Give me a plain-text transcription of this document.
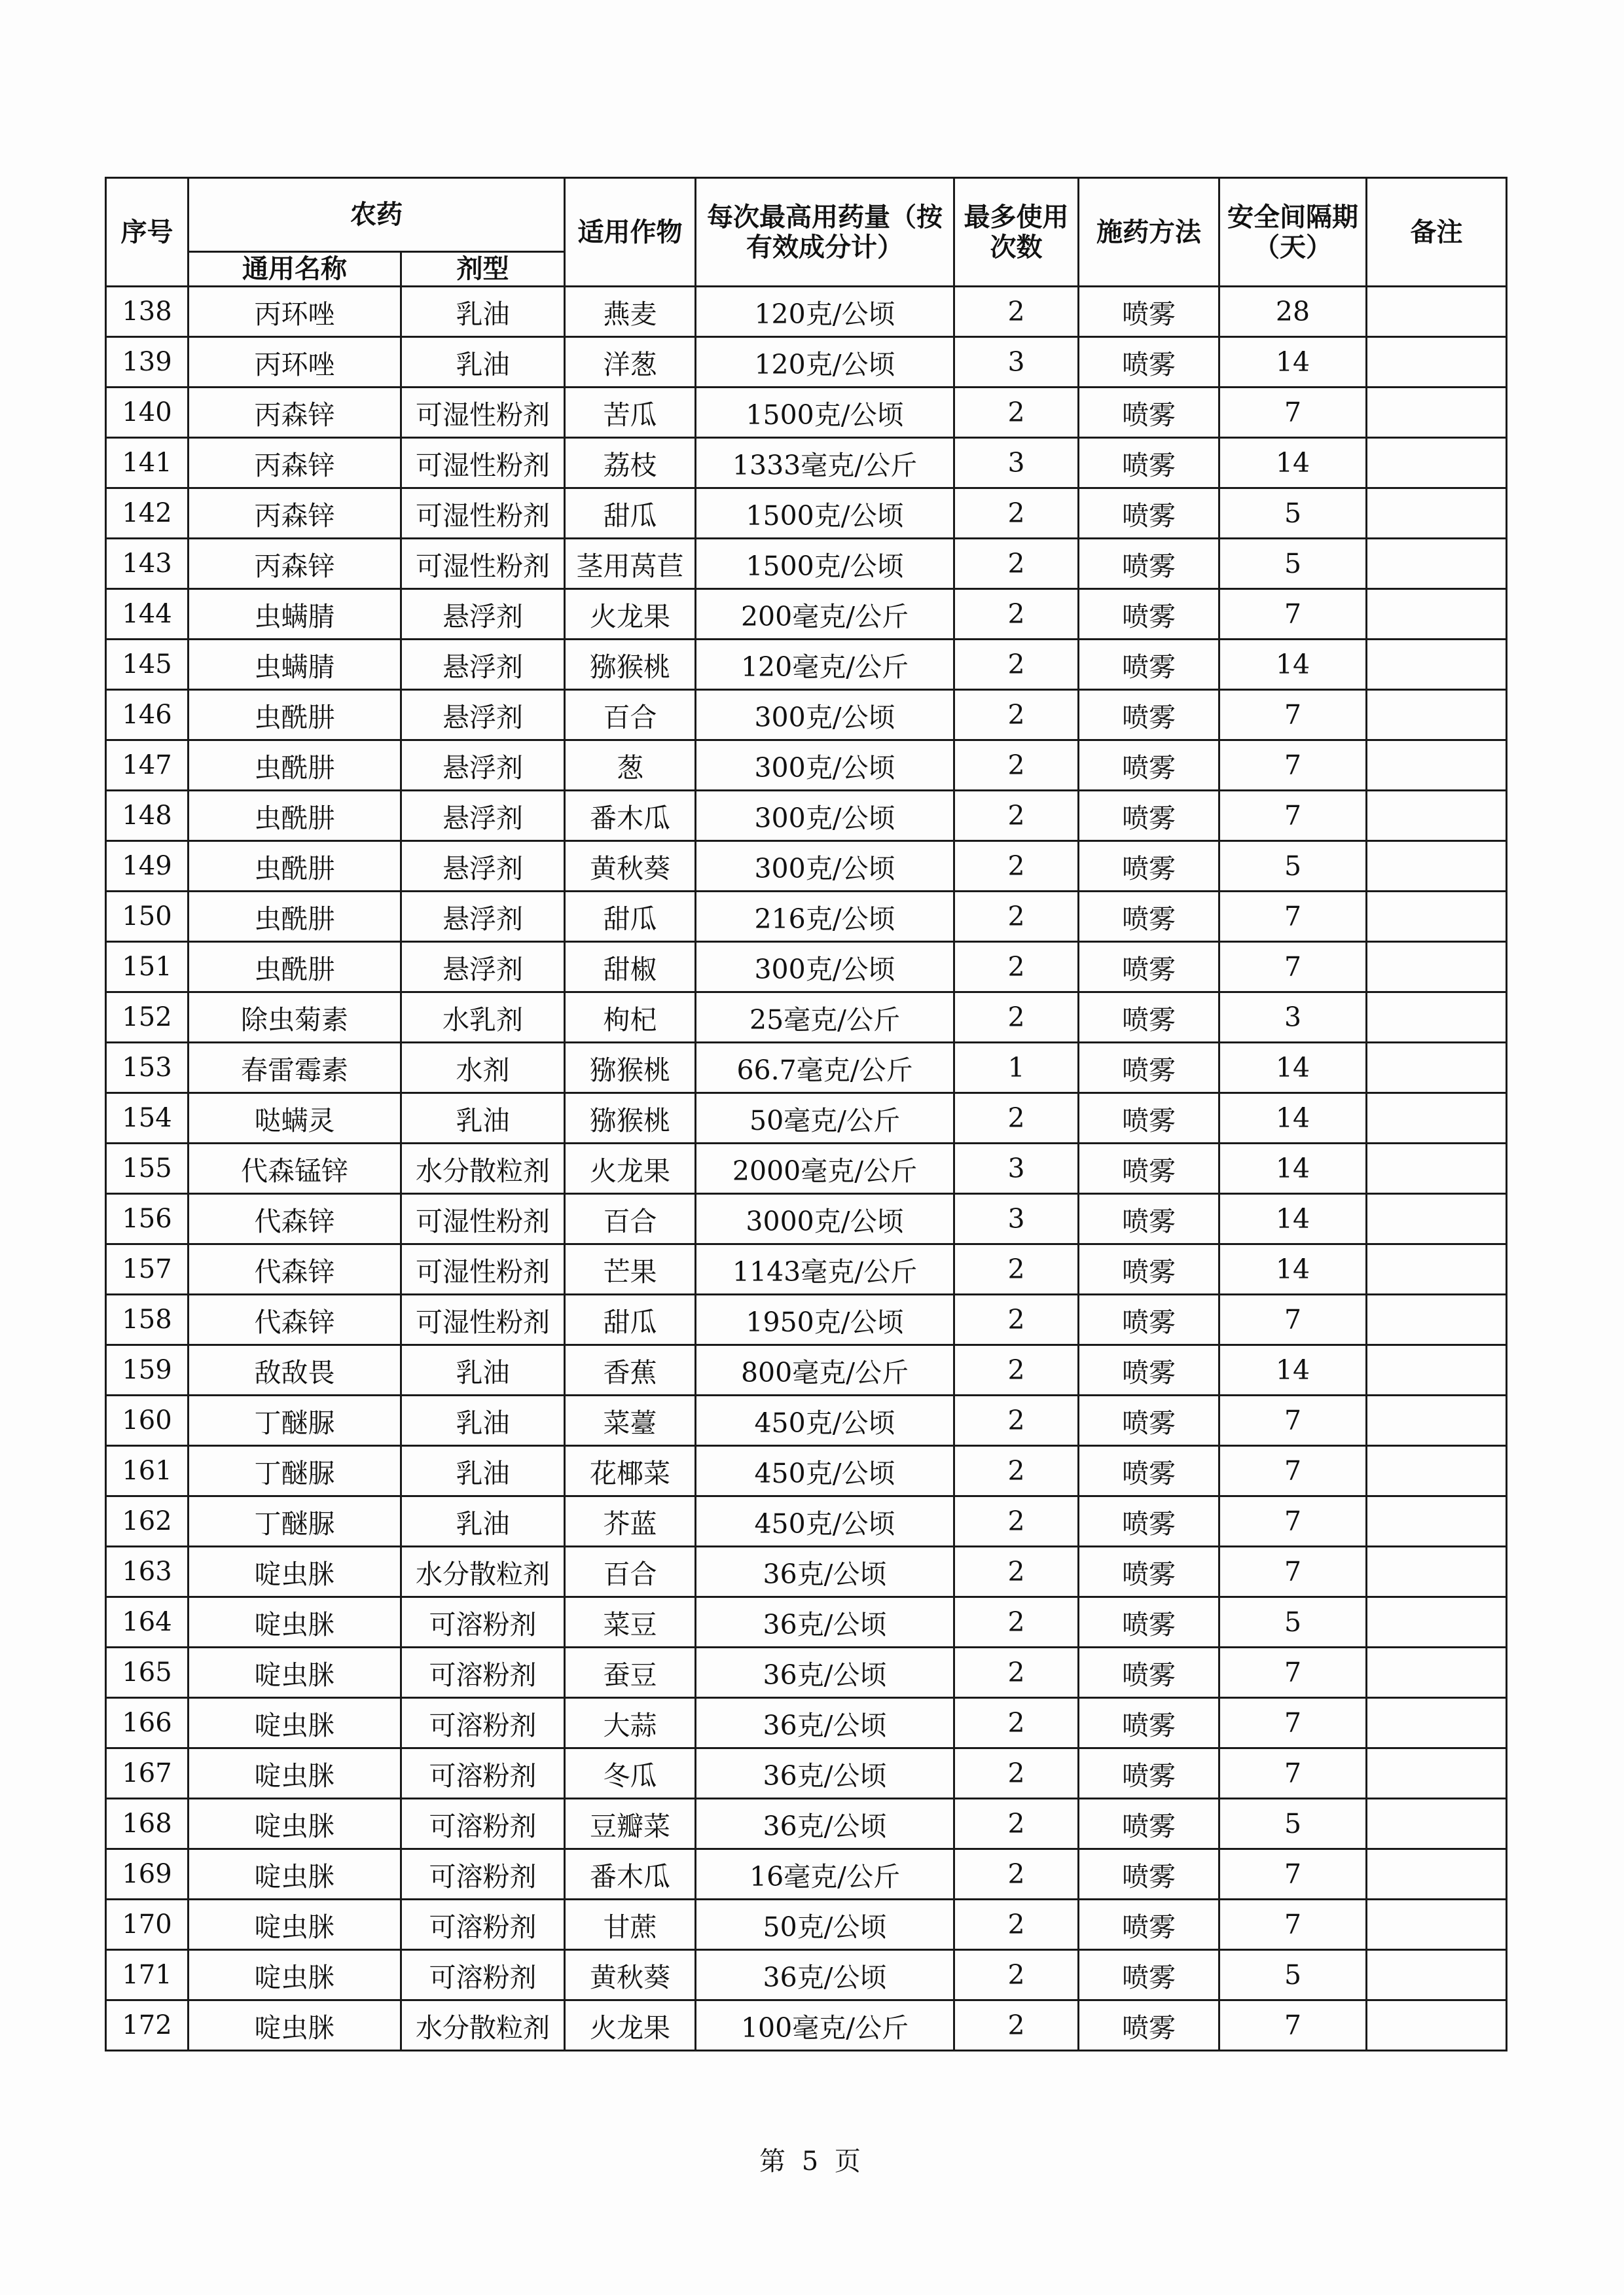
序号	农药		适用作物	每次最高用药量（按有效成分计）	最多使用次数	施药方法	安全间隔期（天）	备注
	通用名称	剂型						
138	丙环唑	乳油	燕麦	120克/公顷	2	喷雾	28	
139	丙环唑	乳油	洋葱	120克/公顷	3	喷雾	14	
140	丙森锌	可湿性粉剂	苦瓜	1500克/公顷	2	喷雾	7	
141	丙森锌	可湿性粉剂	荔枝	1333毫克/公斤	3	喷雾	14	
142	丙森锌	可湿性粉剂	甜瓜	1500克/公顷	2	喷雾	5	
143	丙森锌	可湿性粉剂	茎用莴苣	1500克/公顷	2	喷雾	5	
144	虫螨腈	悬浮剂	火龙果	200毫克/公斤	2	喷雾	7	
145	虫螨腈	悬浮剂	猕猴桃	120毫克/公斤	2	喷雾	14	
146	虫酰肼	悬浮剂	百合	300克/公顷	2	喷雾	7	
147	虫酰肼	悬浮剂	葱	300克/公顷	2	喷雾	7	
148	虫酰肼	悬浮剂	番木瓜	300克/公顷	2	喷雾	7	
149	虫酰肼	悬浮剂	黄秋葵	300克/公顷	2	喷雾	5	
150	虫酰肼	悬浮剂	甜瓜	216克/公顷	2	喷雾	7	
151	虫酰肼	悬浮剂	甜椒	300克/公顷	2	喷雾	7	
152	除虫菊素	水乳剂	枸杞	25毫克/公斤	2	喷雾	3	
153	春雷霉素	水剂	猕猴桃	66.7毫克/公斤	1	喷雾	14	
154	哒螨灵	乳油	猕猴桃	50毫克/公斤	2	喷雾	14	
155	代森锰锌	水分散粒剂	火龙果	2000毫克/公斤	3	喷雾	14	
156	代森锌	可湿性粉剂	百合	3000克/公顷	3	喷雾	14	
157	代森锌	可湿性粉剂	芒果	1143毫克/公斤	2	喷雾	14	
158	代森锌	可湿性粉剂	甜瓜	1950克/公顷	2	喷雾	7	
159	敌敌畏	乳油	香蕉	800毫克/公斤	2	喷雾	14	
160	丁醚脲	乳油	菜薹	450克/公顷	2	喷雾	7	
161	丁醚脲	乳油	花椰菜	450克/公顷	2	喷雾	7	
162	丁醚脲	乳油	芥蓝	450克/公顷	2	喷雾	7	
163	啶虫脒	水分散粒剂	百合	36克/公顷	2	喷雾	7	
164	啶虫脒	可溶粉剂	菜豆	36克/公顷	2	喷雾	5	
165	啶虫脒	可溶粉剂	蚕豆	36克/公顷	2	喷雾	7	
166	啶虫脒	可溶粉剂	大蒜	36克/公顷	2	喷雾	7	
167	啶虫脒	可溶粉剂	冬瓜	36克/公顷	2	喷雾	7	
168	啶虫脒	可溶粉剂	豆瓣菜	36克/公顷	2	喷雾	5	
169	啶虫脒	可溶粉剂	番木瓜	16毫克/公斤	2	喷雾	7	
170	啶虫脒	可溶粉剂	甘蔗	50克/公顷	2	喷雾	7	
171	啶虫脒	可溶粉剂	黄秋葵	36克/公顷	2	喷雾	5	
172	啶虫脒	水分散粒剂	火龙果	100毫克/公斤	2	喷雾	7	
第 5 页
